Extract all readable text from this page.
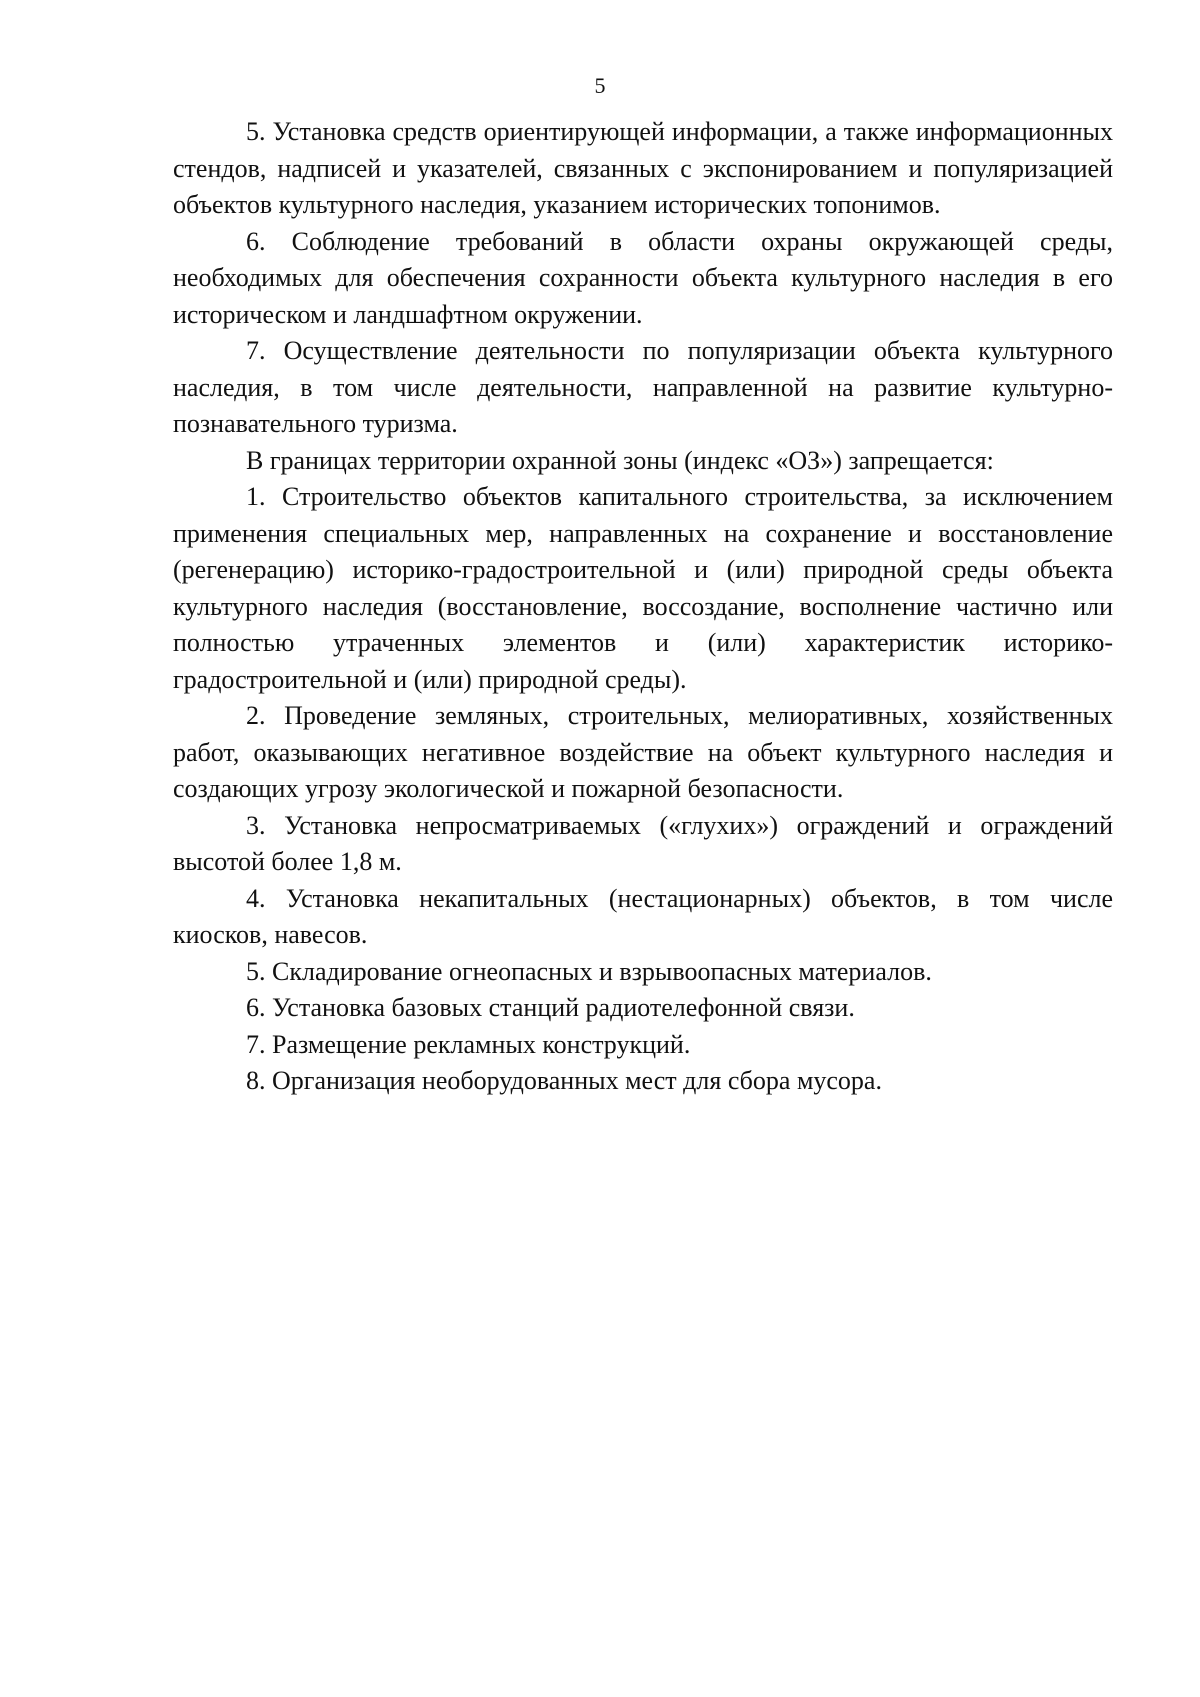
5

5. Установка средств ориентирующей информации, а также информационных стендов, надписей и указателей, связанных с экспонированием и популяризацией объектов культурного наследия, указанием исторических топонимов.

6. Соблюдение требований в области охраны окружающей среды, необходимых для обеспечения сохранности объекта культурного наследия в его историческом и ландшафтном окружении.

7. Осуществление деятельности по популяризации объекта культурного наследия, в том числе деятельности, направленной на развитие культурно-познавательного туризма.

В границах территории охранной зоны (индекс «ОЗ») запрещается:

1. Строительство объектов капитального строительства, за исключением применения специальных мер, направленных на сохранение и восстановление (регенерацию) историко-градостроительной и (или) природной среды объекта культурного наследия (восстановление, воссоздание, восполнение частично или полностью утраченных элементов и (или) характеристик историко-градостроительной и (или) природной среды).

2. Проведение земляных, строительных, мелиоративных, хозяйственных работ, оказывающих негативное воздействие на объект культурного наследия и создающих угрозу экологической и пожарной безопасности.

3. Установка непросматриваемых («глухих») ограждений и ограждений высотой более 1,8 м.

4. Установка некапитальных (нестационарных) объектов, в том числе киосков, навесов.

5. Складирование огнеопасных и взрывоопасных материалов.

6. Установка базовых станций радиотелефонной связи.

7. Размещение рекламных конструкций.

8. Организация необорудованных мест для сбора мусора.
